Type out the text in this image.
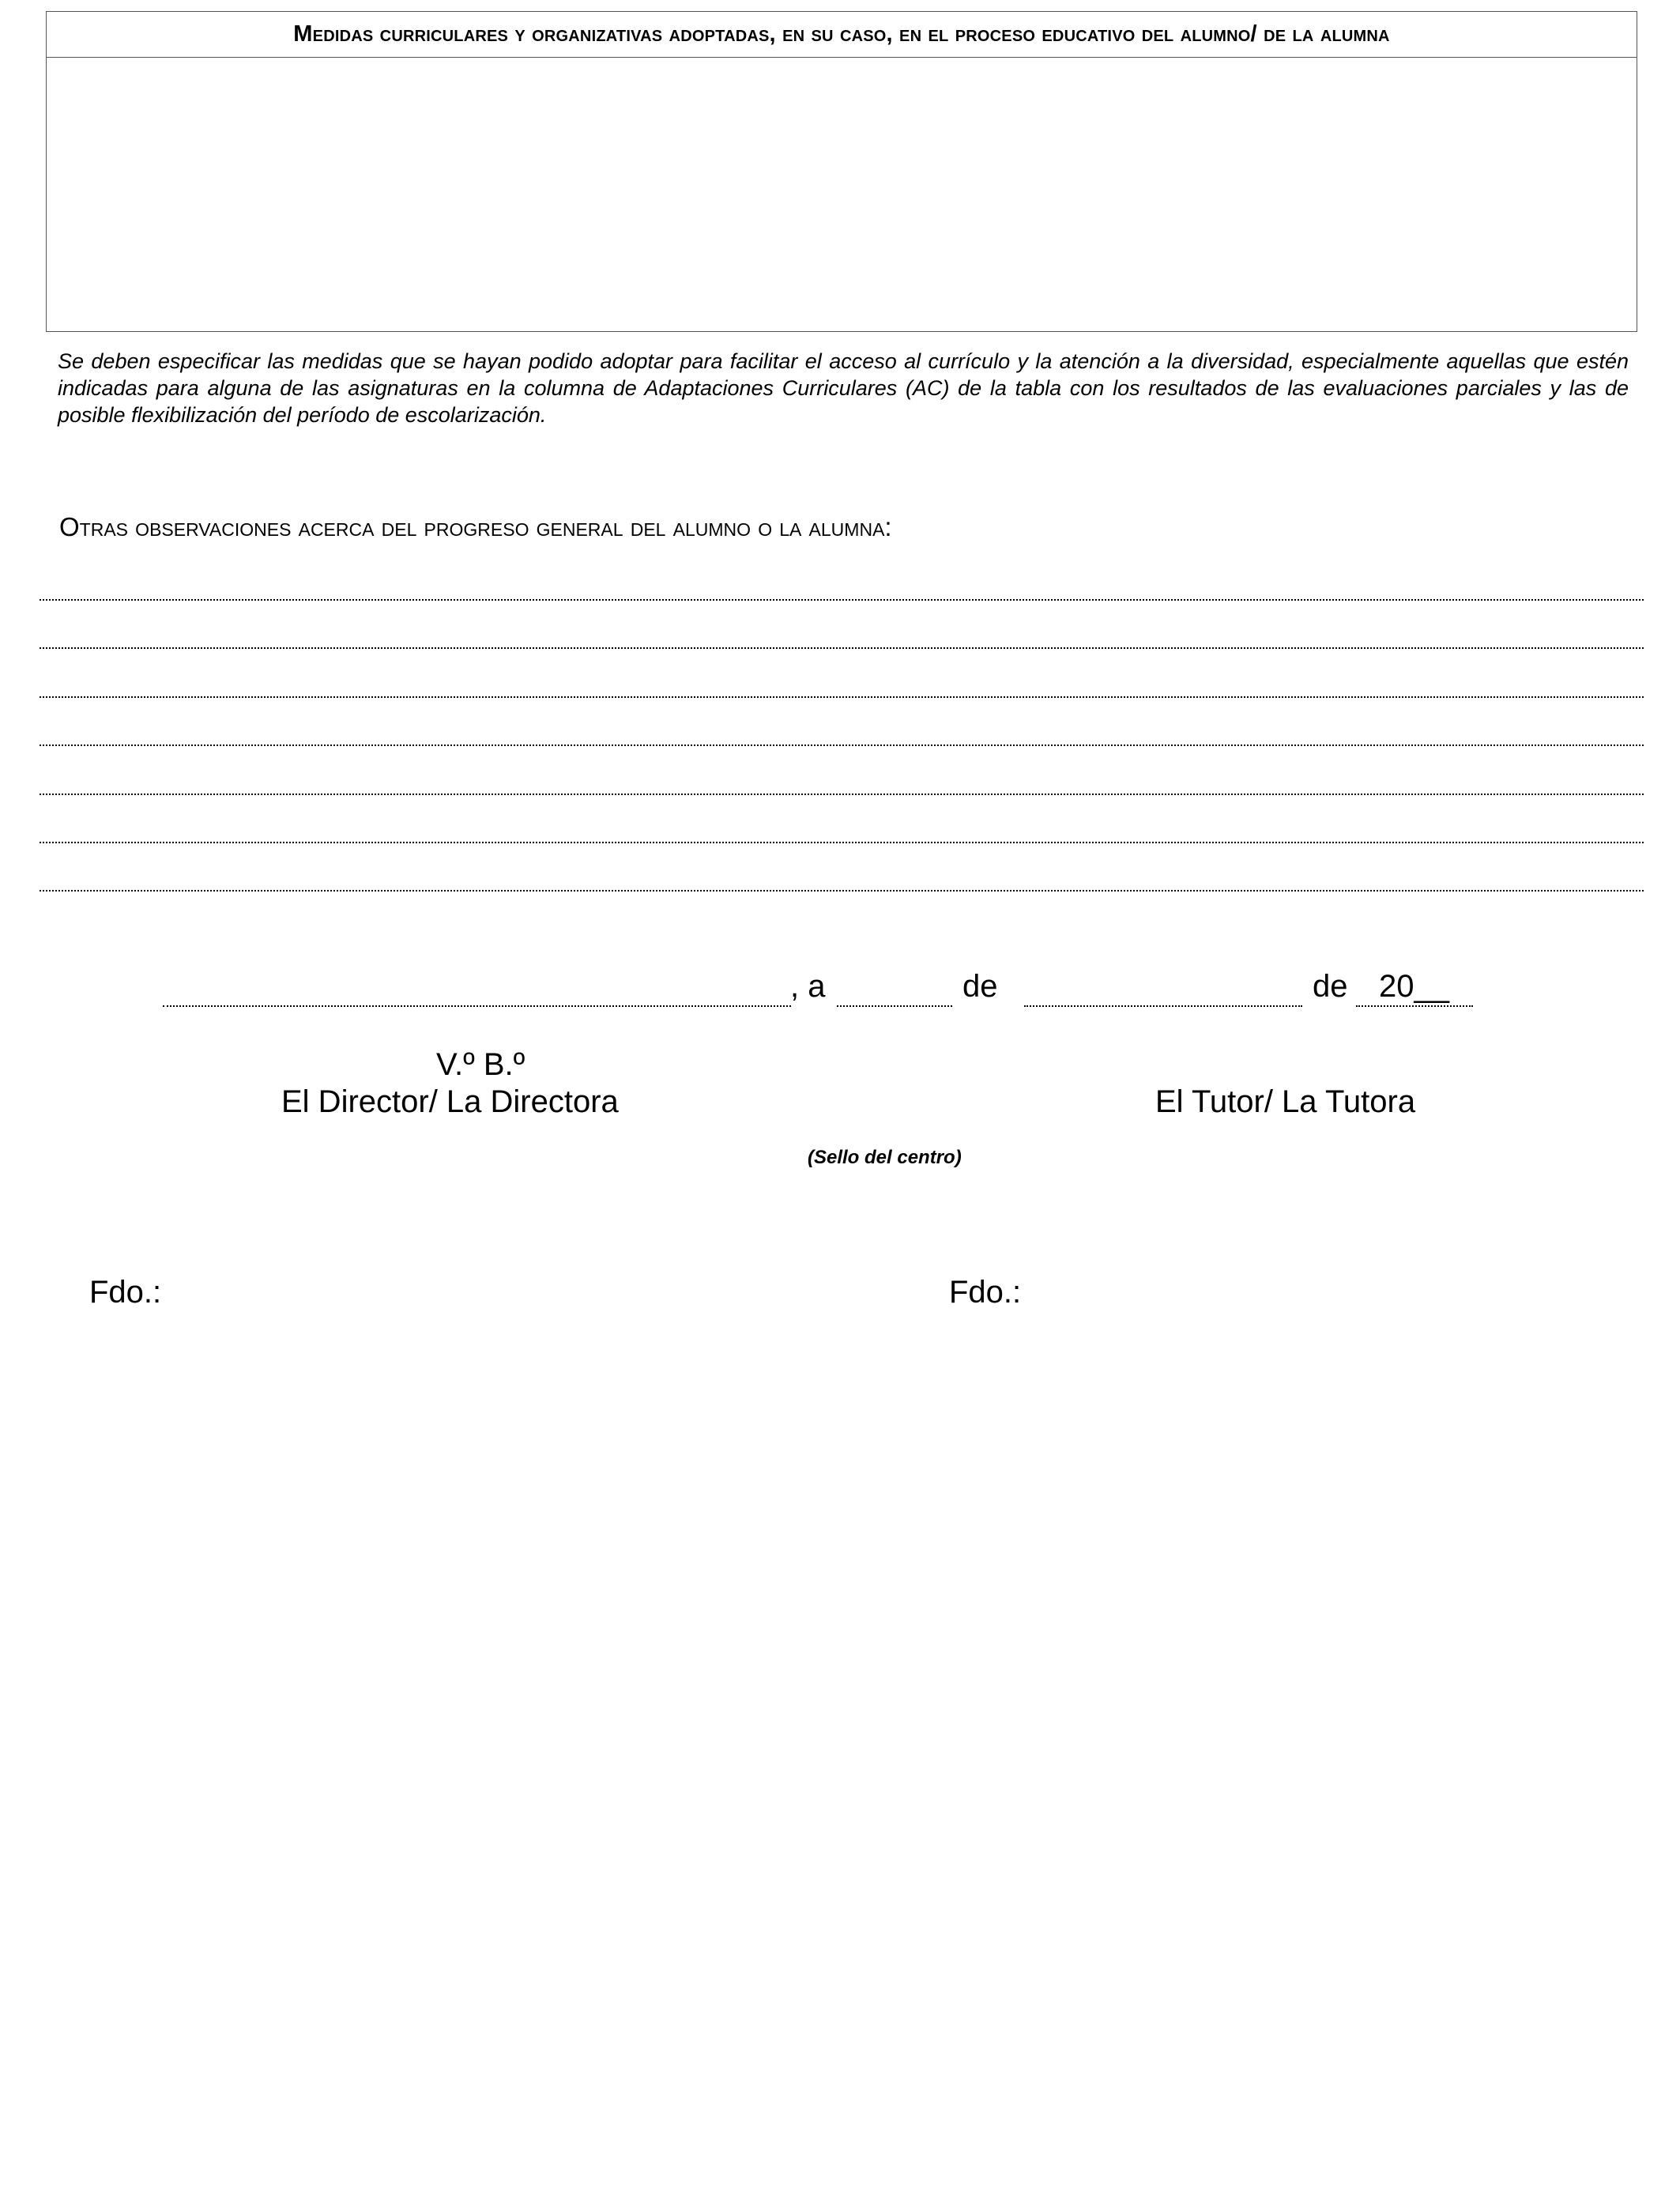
Medidas curriculares y organizativas adoptadas, en su caso, en el proceso educativo del alumno/ de la alumna
Se deben especificar las medidas que se hayan podido adoptar para facilitar el acceso al currículo y la atención a la diversidad, especialmente aquellas que estén indicadas para alguna de las asignaturas en la columna de Adaptaciones Curriculares (AC) de la tabla con los resultados de las evaluaciones parciales y las de posible flexibilización del período de escolarización.
Otras observaciones acerca del progreso general del alumno o la alumna:
, a	de	de 20__
V.º B.º
El Director/ La Directora	El Tutor/ La Tutora
(Sello del centro)
Fdo.:	Fdo.:
